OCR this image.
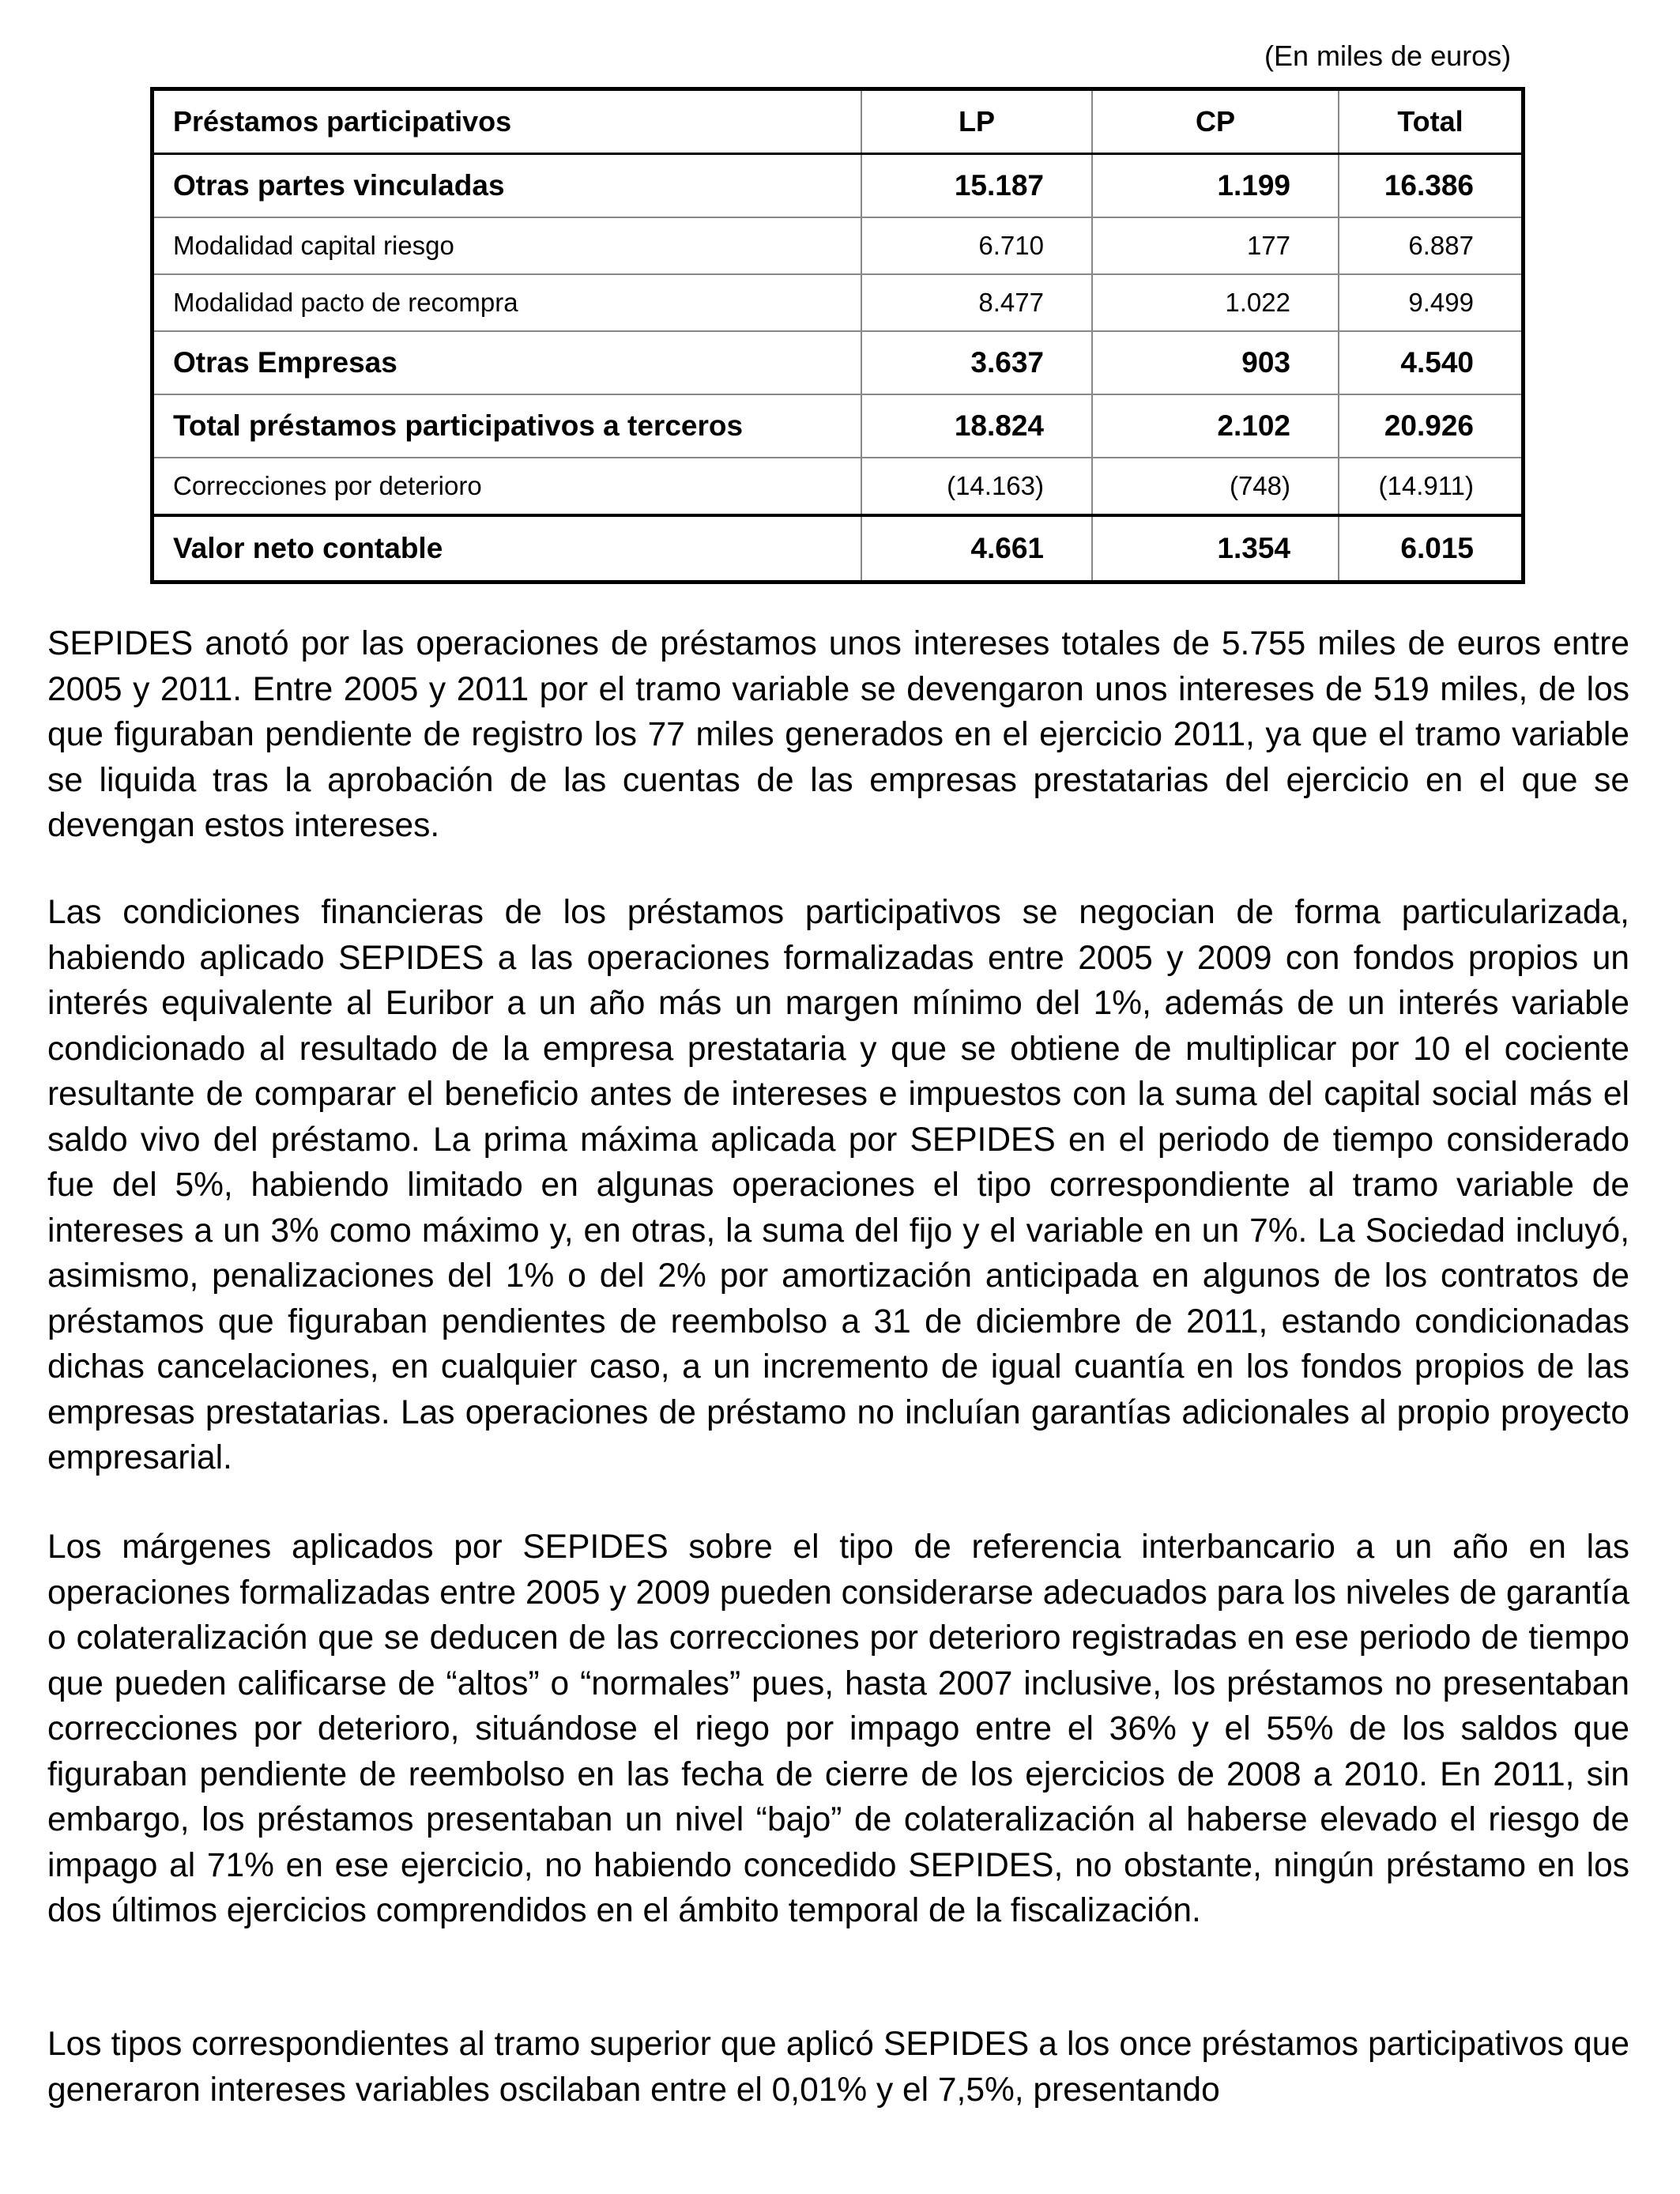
(En miles de euros)
Préstamos participativos	LP	CP	Total
Otras partes vinculadas	15.187	1.199	16.386
Modalidad capital riesgo	6.710	177	6.887
Modalidad pacto de recompra	8.477	1.022	9.499
Otras Empresas	3.637	903	4.540
Total préstamos participativos a terceros	18.824	2.102	20.926
Correcciones por deterioro	(14.163)	(748)	(14.911)
Valor neto contable	4.661	1.354	6.015

SEPIDES anotó por las operaciones de préstamos unos intereses totales de 5.755 miles de euros entre 2005 y 2011. Entre 2005 y 2011 por el tramo variable se devengaron unos intereses de 519 miles, de los que figuraban pendiente de registro los 77 miles generados en el ejercicio 2011, ya que el tramo variable se liquida tras la aprobación de las cuentas de las empresas prestatarias del ejercicio en el que se devengan estos intereses.

Las condiciones financieras de los préstamos participativos se negocian de forma particularizada, habiendo aplicado SEPIDES a las operaciones formalizadas entre 2005 y 2009 con fondos propios un interés equivalente al Euribor a un año más un margen mínimo del 1%, además de un interés variable condicionado al resultado de la empresa prestataria y que se obtiene de multiplicar por 10 el cociente resultante de comparar el beneficio antes de intereses e impuestos con la suma del capital social más el saldo vivo del préstamo. La prima máxima aplicada por SEPIDES en el periodo de tiempo considerado fue del 5%, habiendo limitado en algunas operaciones el tipo correspondiente al tramo variable de intereses a un 3% como máximo y, en otras, la suma del fijo y el variable en un 7%. La Sociedad incluyó, asimismo, penalizaciones del 1% o del 2% por amortización anticipada en algunos de los contratos de préstamos que figuraban pendientes de reembolso a 31 de diciembre de 2011, estando condicionadas dichas cancelaciones, en cualquier caso, a un incremento de igual cuantía en los fondos propios de las empresas prestatarias. Las operaciones de préstamo no incluían garantías adicionales al propio proyecto empresarial.

Los márgenes aplicados por SEPIDES sobre el tipo de referencia interbancario a un año en las operaciones formalizadas entre 2005 y 2009 pueden considerarse adecuados para los niveles de garantía o colateralización que se deducen de las correcciones por deterioro registradas en ese periodo de tiempo que pueden calificarse de “altos” o “normales” pues, hasta 2007 inclusive, los préstamos no presentaban correcciones por deterioro, situándose el riego por impago entre el 36% y el 55% de los saldos que figuraban pendiente de reembolso en las fecha de cierre de los ejercicios de 2008 a 2010. En 2011, sin embargo, los préstamos presentaban un nivel “bajo” de colateralización al haberse elevado el riesgo de impago al 71% en ese ejercicio, no habiendo concedido SEPIDES, no obstante, ningún préstamo en los dos últimos ejercicios comprendidos en el ámbito temporal de la fiscalización.

Los tipos correspondientes al tramo superior que aplicó SEPIDES a los once préstamos participativos que generaron intereses variables oscilaban entre el 0,01% y el 7,5%, presentando
